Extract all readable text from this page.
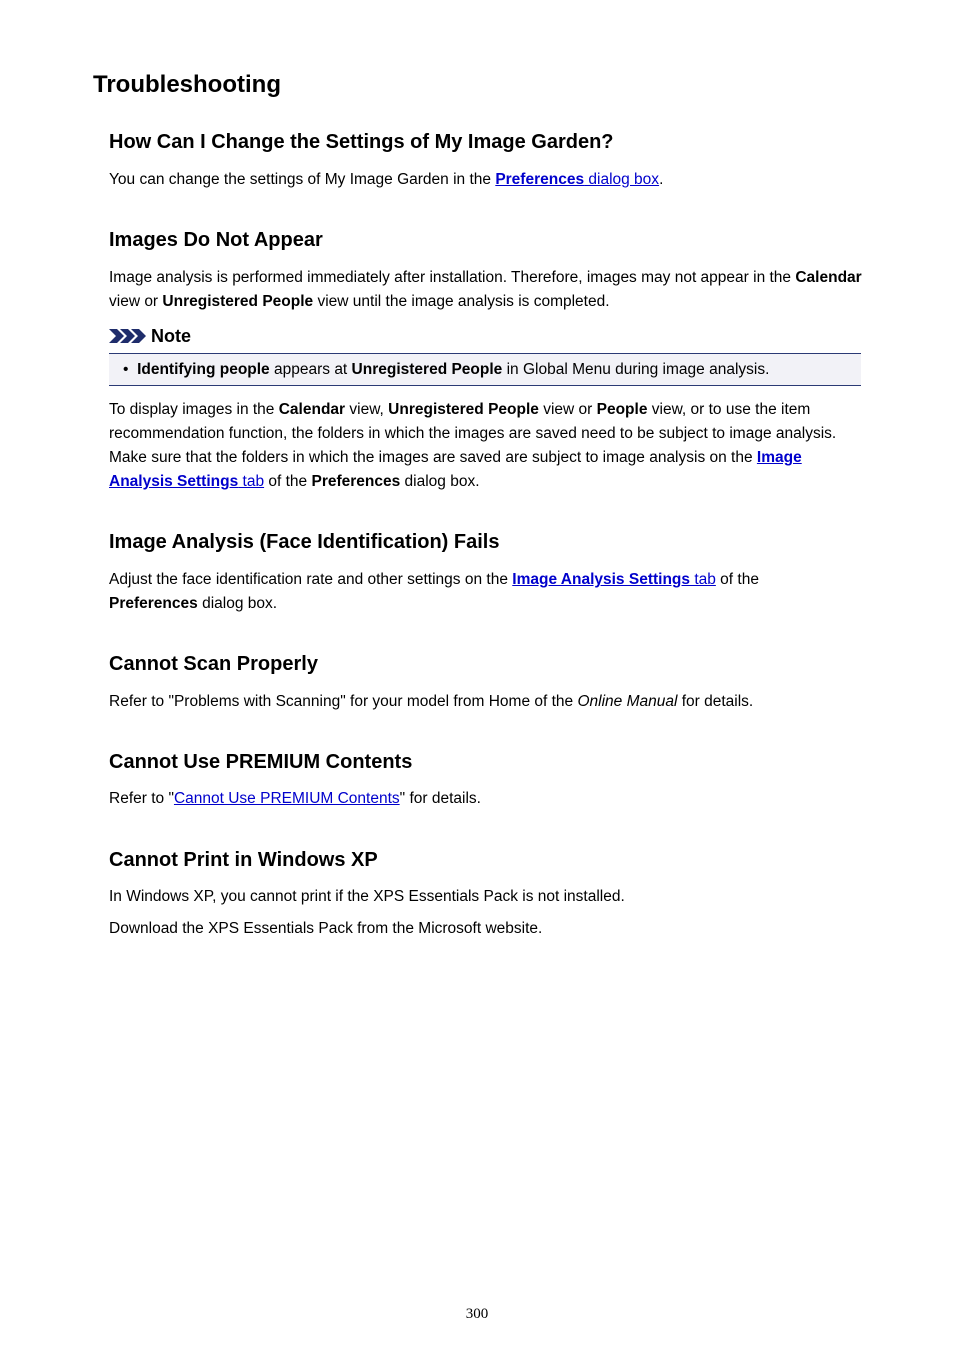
Troubleshooting
How Can I Change the Settings of My Image Garden?

You can change the settings of My Image Garden in the Preferences dialog box.

Images Do Not Appear

Image analysis is performed immediately after installation. Therefore, images may not appear in the Calendar view or Unregistered People view until the image analysis is completed.

Note
• Identifying people appears at Unregistered People in Global Menu during image analysis.

To display images in the Calendar view, Unregistered People view or People view, or to use the item recommendation function, the folders in which the images are saved need to be subject to image analysis. Make sure that the folders in which the images are saved are subject to image analysis on the Image Analysis Settings tab of the Preferences dialog box.

Image Analysis (Face Identification) Fails

Adjust the face identification rate and other settings on the Image Analysis Settings tab of the Preferences dialog box.

Cannot Scan Properly

Refer to "Problems with Scanning" for your model from Home of the Online Manual for details.

Cannot Use PREMIUM Contents

Refer to "Cannot Use PREMIUM Contents" for details.

Cannot Print in Windows XP

In Windows XP, you cannot print if the XPS Essentials Pack is not installed.

Download the XPS Essentials Pack from the Microsoft website.

300
